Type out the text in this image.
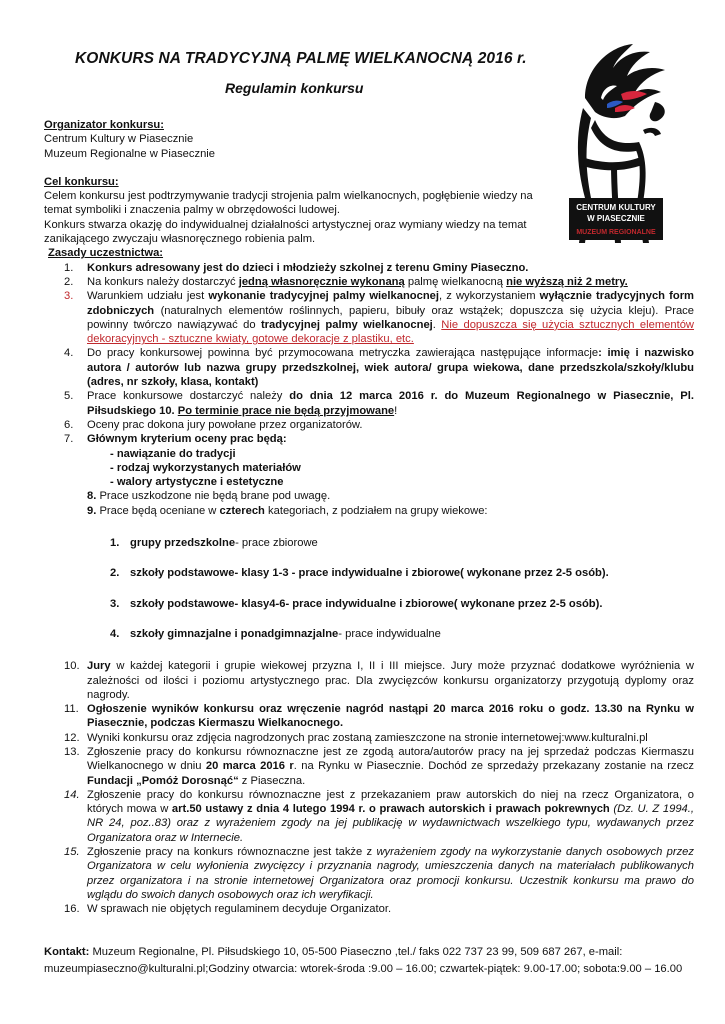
KONKURS NA TRADYCYJNĄ PALMĘ WIELKANOCNĄ 2016 r.
Regulamin konkursu
CENTRUM KULTURY
W PIASECZNIE
MUZEUM REGIONALNE
Organizator konkursu:
Centrum Kultury w Piasecznie
Muzeum Regionalne w Piasecznie
Cel konkursu:
Celem konkursu jest podtrzymywanie tradycji strojenia palm wielkanocnych, pogłębienie wiedzy na temat symboliki i znaczenia palmy w obrzędowości ludowej.
Konkurs stwarza okazję do indywidualnej działalności artystycznej oraz wymiany wiedzy na temat zanikającego zwyczaju własnoręcznego robienia palm.
Zasady uczestnictwa:
1. Konkurs adresowany jest do dzieci i młodzieży szkolnej z terenu Gminy Piaseczno.
2. Na konkurs należy dostarczyć jedną własnoręcznie wykonaną palmę wielkanocną nie wyższą niż 2 metry.
3. Warunkiem udziału jest wykonanie tradycyjnej palmy wielkanocnej, z wykorzystaniem wyłącznie tradycyjnych form zdobniczych (naturalnych elementów roślinnych, papieru, bibuły oraz wstążek; dopuszcza się użycia kleju). Prace powinny twórczo nawiązywać do tradycyjnej palmy wielkanocnej. Nie dopuszcza się użycia sztucznych elementów dekoracyjnych - sztuczne kwiaty, gotowe dekoracje z plastiku, etc.
4. Do pracy konkursowej powinna być przymocowana metryczka zawierająca następujące informacje: imię i nazwisko autora / autorów lub nazwa grupy przedszkolnej, wiek autora/ grupa wiekowa, dane przedszkola/szkoły/klubu (adres, nr szkoły, klasa, kontakt)
5. Prace konkursowe dostarczyć należy do dnia 12 marca 2016 r. do Muzeum Regionalnego w Piasecznie, Pl. Piłsudskiego 10. Po terminie prace nie będą przyjmowane!
6. Oceny prac dokona jury powołane przez organizatorów.
7. Głównym kryterium oceny prac będą:
- nawiązanie do tradycji
- rodzaj wykorzystanych materiałów
- walory artystyczne i estetyczne
8. Prace uszkodzone nie będą brane pod uwagę.
9. Prace będą oceniane w czterech kategoriach, z podziałem na grupy wiekowe:
1. grupy przedszkolne- prace zbiorowe
2. szkoły podstawowe- klasy 1-3 - prace indywidualne i zbiorowe( wykonane przez 2-5 osób).
3. szkoły podstawowe- klasy4-6- prace indywidualne i zbiorowe( wykonane przez 2-5 osób).
4. szkoły gimnazjalne i ponadgimnazjalne- prace indywidualne
10. Jury w każdej kategorii i grupie wiekowej przyzna I, II i III miejsce. Jury może przyznać dodatkowe wyróżnienia w zależności od ilości i poziomu artystycznego prac. Dla zwycięzców konkursu organizatorzy przygotują dyplomy oraz nagrody.
11. Ogłoszenie wyników konkursu oraz wręczenie nagród nastąpi 20 marca 2016 roku o godz. 13.30 na Rynku w Piasecznie, podczas Kiermaszu Wielkanocnego.
12. Wyniki konkursu oraz zdjęcia nagrodzonych prac zostaną zamieszczone na stronie internetowej:www.kulturalni.pl
13. Zgłoszenie pracy do konkursu równoznaczne jest ze zgodą autora/autorów pracy na jej sprzedaż podczas Kiermaszu Wielkanocnego w dniu 20 marca 2016 r. na Rynku w Piasecznie. Dochód ze sprzedaży przekazany zostanie na rzecz Fundacji „Pomóż Dorosnąć“ z Piaseczna.
14. Zgłoszenie pracy do konkursu równoznaczne jest z przekazaniem praw autorskich do niej na rzecz Organizatora, o których mowa w art.50 ustawy z dnia 4 lutego 1994 r. o prawach autorskich i prawach pokrewnych (Dz. U. Z 1994., NR 24, poz..83) oraz z wyrażeniem zgody na jej publikację w wydawnictwach wszelkiego typu, wydawanych przez Organizatora oraz w Internecie.
15. Zgłoszenie pracy na konkurs równoznaczne jest także z wyrażeniem zgody na wykorzystanie danych osobowych przez Organizatora w celu wyłonienia zwycięzcy i przyznania nagrody, umieszczenia danych na materiałach publikowanych przez organizatora i na stronie internetowej Organizatora oraz promocji konkursu. Uczestnik konkursu ma prawo do wglądu do swoich danych osobowych oraz ich weryfikacji.
16. W sprawach nie objętych regulaminem decyduje Organizator.
Kontakt: Muzeum Regionalne, Pl. Piłsudskiego 10, 05-500 Piaseczno ,tel./ faks 022 737 23 99, 509 687 267, e-mail:
muzeumpiaseczno@kulturalni.pl;Godziny otwarcia: wtorek-środa :9.00 – 16.00; czwartek-piątek: 9.00-17.00; sobota:9.00 – 16.00
